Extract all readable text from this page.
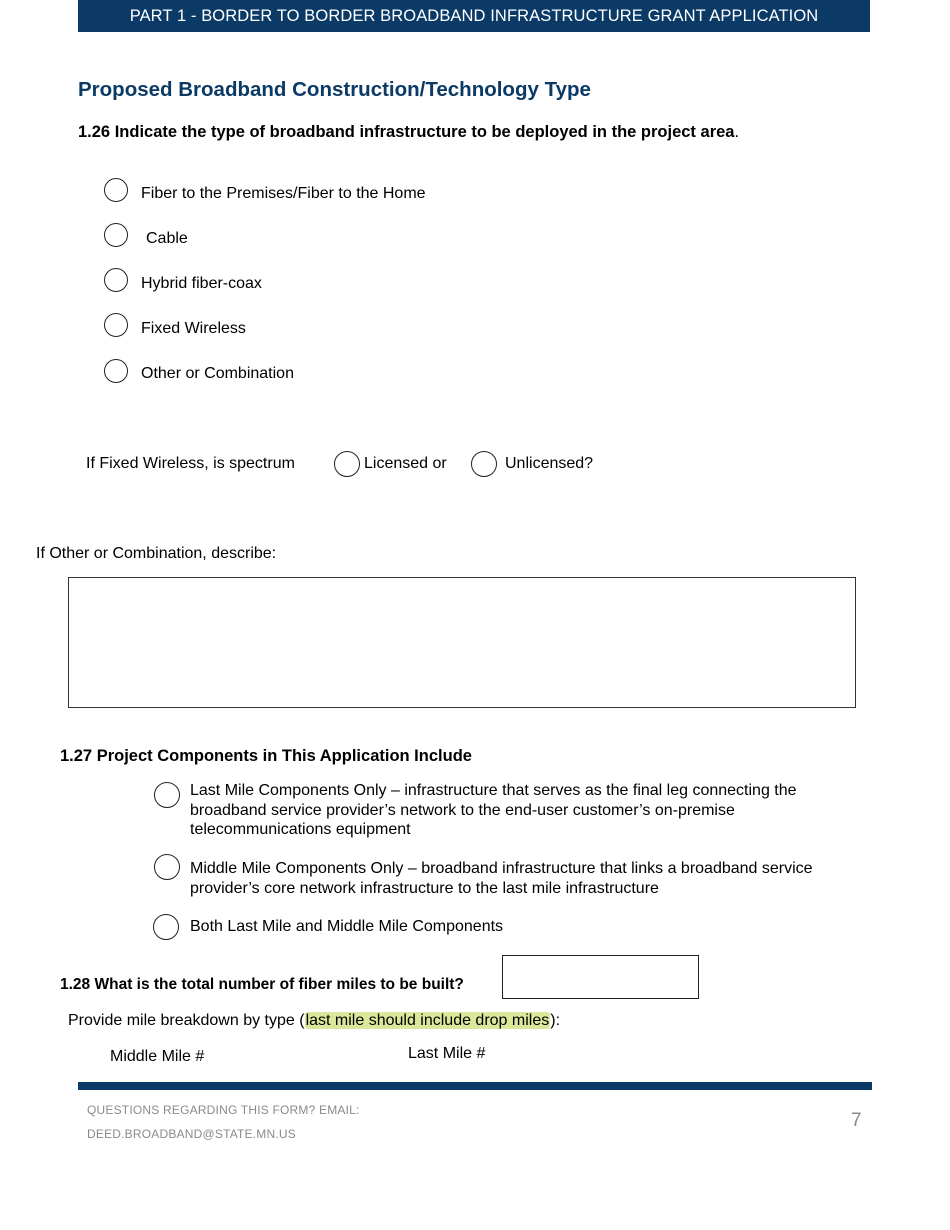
PART 1 - BORDER TO BORDER BROADBAND INFRASTRUCTURE GRANT APPLICATION
Proposed Broadband Construction/Technology Type
1.26 Indicate the type of broadband infrastructure to be deployed in the project area.
Fiber to the Premises/Fiber to the Home
Cable
Hybrid fiber-coax
Fixed Wireless
Other or Combination
If Fixed Wireless, is spectrum	Licensed or	Unlicensed?
If Other or Combination, describe:
1.27 Project Components in This Application Include
Last Mile Components Only – infrastructure that serves as the final leg connecting the broadband service provider’s network to the end-user customer’s on-premise telecommunications equipment
Middle Mile Components Only – broadband infrastructure that links a broadband service provider’s core network infrastructure to the last mile infrastructure
Both Last Mile and Middle Mile Components
1.28 What is the total number of fiber miles to be built?
Provide mile breakdown by type (last mile should include drop miles):
Middle Mile #	Last Mile #
QUESTIONS REGARDING THIS FORM? EMAIL:
DEED.BROADBAND@STATE.MN.US
7
